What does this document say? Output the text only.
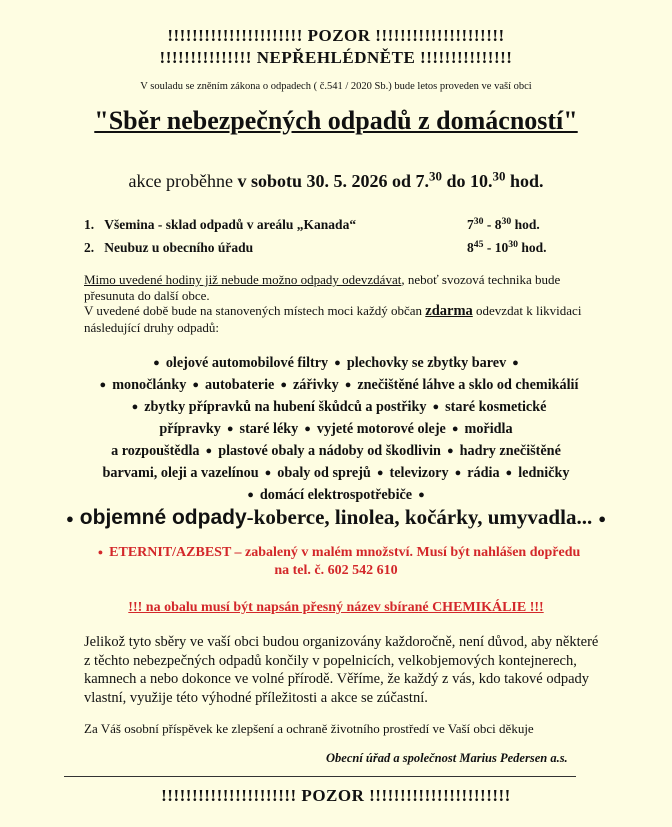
!!!!!!!!!!!!!!!!!!!!!! POZOR !!!!!!!!!!!!!!!!!!!!!
!!!!!!!!!!!!!!! NEPŘEHLÉDNĚTE !!!!!!!!!!!!!!!
V souladu se zněním zákona o odpadech ( č.541 / 2020 Sb.) bude letos proveden ve vaší obci
"Sběr nebezpečných odpadů z domácností"
akce proběhne v sobotu 30. 5. 2026 od 7.30 do 10.30 hod.
1. Všemina - sklad odpadů v areálu „Kanada“	$7^{30} - 8^{30}$ hod.
2. Neubuz u obecního úřadu	$8^{45} - 10^{30}$ hod.
Mimo uvedené hodiny již nebude možno odpady odevzdávat, neboť svozová technika bude přesunuta do další obce.
V uvedené době bude na stanovených místech moci každý občan zdarma odevzdat k likvidaci následující druhy odpadů:
● olejové automobilové filtry ● plechovky se zbytky barev ●
● monočlánky ● autobaterie ● zářivky ● znečištěné láhve a sklo od chemikálií
● zbytky přípravků na hubení škůdců a postřiky ● staré kosmetické
přípravky ● staré léky ● vyjeté motorové oleje ● mořidla
a rozpouštědla ● plastové obaly a nádoby od škodlivin ● hadry znečištěné
barvami, oleji a vazelínou ● obaly od sprejů ● televizory ● rádia ● ledničky
● domácí elektrospotřebiče ●
● objemné odpady-koberce, linolea, kočárky, umyvadla... ●
● ETERNIT/AZBEST – zabalený v malém množství. Musí být nahlášen dopředu
na tel. č. 602 542 610
!!! na obalu musí být napsán přesný název sbírané CHEMIKÁLIE !!!
Jelikož tyto sběry ve vaší obci budou organizovány každoročně, není důvod, aby některé z těchto nebezpečných odpadů končily v popelnicích, velkobjemových kontejnerech, kamnech a nebo dokonce ve volné přírodě. Věříme, že každý z vás, kdo takové odpady vlastní, využije této výhodné příležitosti a akce se zúčastní.
Za Váš osobní příspěvek ke zlepšení a ochraně životního prostředí ve Vaší obci děkuje
Obecní úřad a společnost Marius Pedersen a.s.
!!!!!!!!!!!!!!!!!!!!!! POZOR !!!!!!!!!!!!!!!!!!!!!!!
